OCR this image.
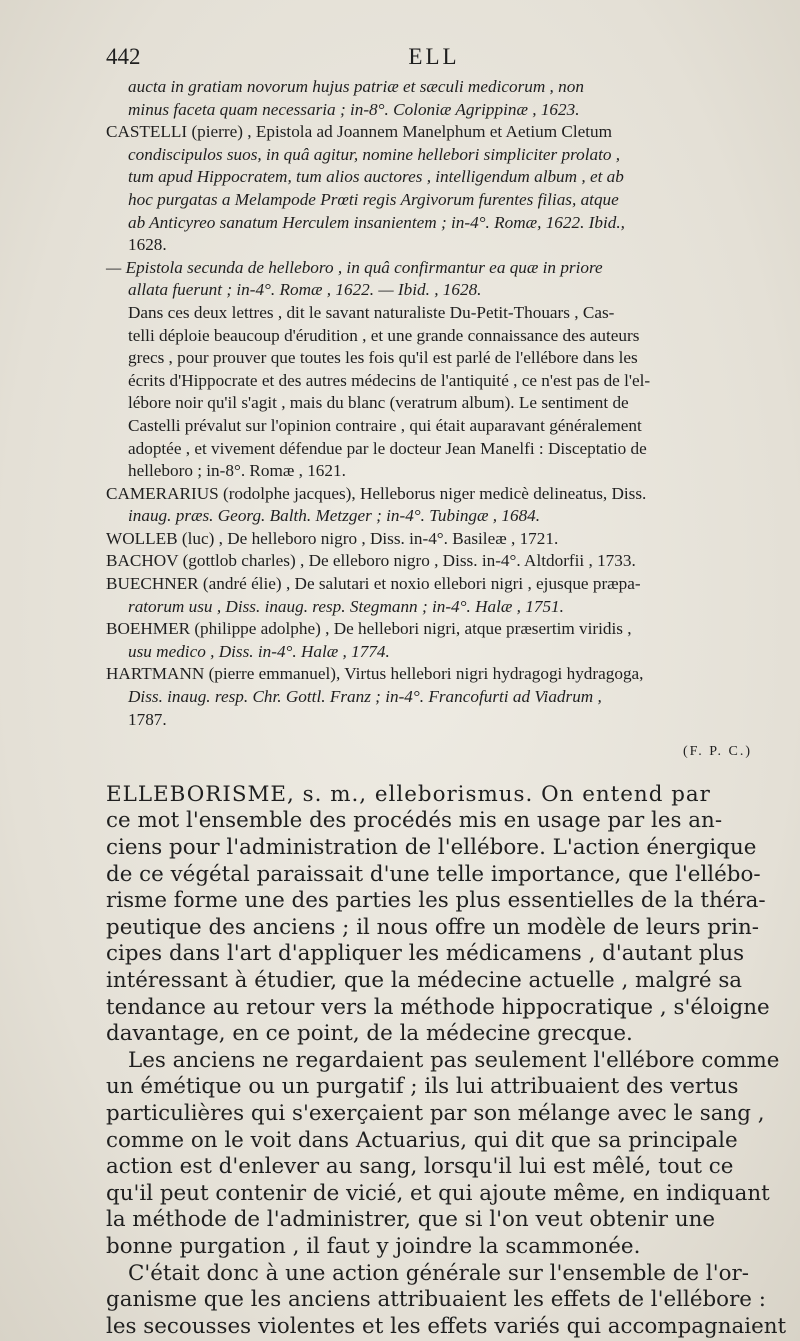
442	ELL
aucta in gratiam novorum hujus patriæ et sæculi medicorum , non
minus faceta quam necessaria ; in-8°. Coloniæ Agrippinæ , 1623.
CASTELLI (pierre) , Epistola ad Joannem Manelphum et Aetium Cletum
condiscipulos suos, in quâ agitur, nomine hellebori simpliciter prolato ,
tum apud Hippocratem, tum alios auctores , intelligendum album , et ab
hoc purgatas a Melampode Prœti regis Argivorum furentes filias, atque
ab Anticyreo sanatum Herculem insanientem ; in-4°. Romæ, 1622. Ibid.,
1628.
— Epistola secunda de helleboro , in quâ confirmantur ea quæ in priore
allata fuerunt ; in-4°. Romæ , 1622. — Ibid. , 1628.
Dans ces deux lettres , dit le savant naturaliste Du-Petit-Thouars , Cas-
telli déploie beaucoup d'érudition , et une grande connaissance des auteurs
grecs , pour prouver que toutes les fois qu'il est parlé de l'ellébore dans les
écrits d'Hippocrate et des autres médecins de l'antiquité , ce n'est pas de l'el-
lébore noir qu'il s'agit , mais du blanc (veratrum album). Le sentiment de
Castelli prévalut sur l'opinion contraire , qui était auparavant généralement
adoptée , et vivement défendue par le docteur Jean Manelfi : Disceptatio de
helleboro ; in-8°. Romæ , 1621.
CAMERARIUS (rodolphe jacques), Helleborus niger medicè delineatus, Diss.
inaug. præs. Georg. Balth. Metzger ; in-4°. Tubingæ , 1684.
WOLLEB (luc) , De helleboro nigro , Diss. in-4°. Basileæ , 1721.
BACHOV (gottlob charles) , De elleboro nigro , Diss. in-4°. Altdorfii , 1733.
BUECHNER (andré élie) , De salutari et noxio ellebori nigri , ejusque præpa-
ratorum usu , Diss. inaug. resp. Stegmann ; in-4°. Halæ , 1751.
BOEHMER (philippe adolphe) , De hellebori nigri, atque præsertim viridis ,
usu medico , Diss. in-4°. Halæ , 1774.
HARTMANN (pierre emmanuel), Virtus hellebori nigri hydragogi hydragoga,
Diss. inaug. resp. Chr. Gottl. Franz ; in-4°. Francofurti ad Viadrum ,
1787.
(F. P. C.)
ELLEBORISME, s. m., elleborismus. On entend par
ce mot l'ensemble des procédés mis en usage par les an-
ciens pour l'administration de l'ellébore. L'action énergique
de ce végétal paraissait d'une telle importance, que l'ellébo-
risme forme une des parties les plus essentielles de la théra-
peutique des anciens ; il nous offre un modèle de leurs prin-
cipes dans l'art d'appliquer les médicamens , d'autant plus
intéressant à étudier, que la médecine actuelle , malgré sa
tendance au retour vers la méthode hippocratique , s'éloigne
davantage, en ce point, de la médecine grecque.
Les anciens ne regardaient pas seulement l'ellébore comme
un émétique ou un purgatif ; ils lui attribuaient des vertus
particulières qui s'exerçaient par son mélange avec le sang ,
comme on le voit dans Actuarius, qui dit que sa principale
action est d'enlever au sang, lorsqu'il lui est mêlé, tout ce
qu'il peut contenir de vicié, et qui ajoute même, en indiquant
la méthode de l'administrer, que si l'on veut obtenir une
bonne purgation , il faut y joindre la scammonée.
C'était donc à une action générale sur l'ensemble de l'or-
ganisme que les anciens attribuaient les effets de l'ellébore :
les secousses violentes et les effets variés qui accompagnaient
